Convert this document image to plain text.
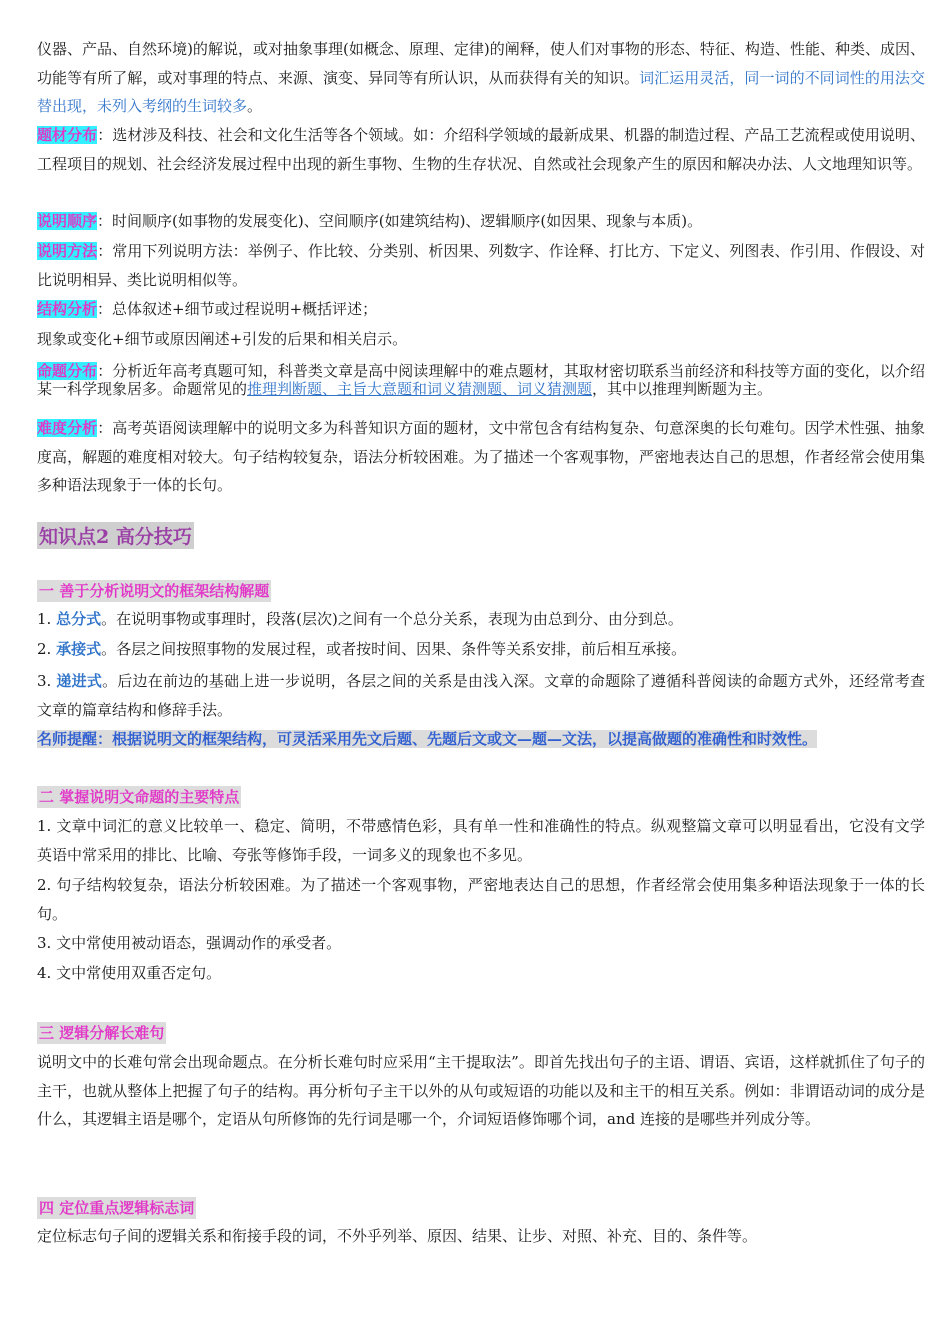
仪器、产品、自然环境)的解说，或对抽象事理(如概念、原理、定律)的阐释，使人们对事物的形态、特征、构造、性能、种类、成因、功能等有所了解，或对事理的特点、来源、演变、异同等有所认识，从而获得有关的知识。词汇运用灵活，同一词的不同词性的用法交替出现，未列入考纲的生词较多。

题材分布：选材涉及科技、社会和文化生活等各个领域。如：介绍科学领域的最新成果、机器的制造过程、产品工艺流程或使用说明、工程项目的规划、社会经济发展过程中出现的新生事物、生物的生存状况、自然或社会现象产生的原因和解决办法、人文地理知识等。

说明顺序：时间顺序(如事物的发展变化)、空间顺序(如建筑结构)、逻辑顺序(如因果、现象与本质)。

说明方法：常用下列说明方法：举例子、作比较、分类别、析因果、列数字、作诠释、打比方、下定义、列图表、作引用、作假设、对比说明相异、类比说明相似等。

结构分析：总体叙述+细节或过程说明+概括评述；

现象或变化+细节或原因阐述+引发的后果和相关启示。

命题分布：分析近年高考真题可知，科普类文章是高中阅读理解中的难点题材，其取材密切联系当前经济和科技等方面的变化，以介绍某一科学现象居多。命题常见的推理判断题、主旨大意题和词义猜测题、词义猜测题，其中以推理判断题为主。

难度分析：高考英语阅读理解中的说明文多为科普知识方面的题材，文中常包含有结构复杂、句意深奥的长句难句。因学术性强、抽象度高，解题的难度相对较大。句子结构较复杂，语法分析较困难。为了描述一个客观事物，严密地表达自己的思想，作者经常会使用集多种语法现象于一体的长句。

知识点2 高分技巧
一 善于分析说明文的框架结构解题

1. 总分式。在说明事物或事理时，段落(层次)之间有一个总分关系，表现为由总到分、由分到总。

2. 承接式。各层之间按照事物的发展过程，或者按时间、因果、条件等关系安排，前后相互承接。

3. 递进式。后边在前边的基础上进一步说明，各层之间的关系是由浅入深。文章的命题除了遵循科普阅读的命题方式外，还经常考查文章的篇章结构和修辞手法。

名师提醒：根据说明文的框架结构，可灵活采用先文后题、先题后文或文—题—文法，以提高做题的准确性和时效性。
二 掌握说明文命题的主要特点

1. 文章中词汇的意义比较单一、稳定、简明，不带感情色彩，具有单一性和准确性的特点。纵观整篇文章可以明显看出，它没有文学英语中常采用的排比、比喻、夸张等修饰手段，一词多义的现象也不多见。

2. 句子结构较复杂，语法分析较困难。为了描述一个客观事物，严密地表达自己的思想，作者经常会使用集多种语法现象于一体的长句。

3. 文中常使用被动语态，强调动作的承受者。

4. 文中常使用双重否定句。

三 逻辑分解长难句

说明文中的长难句常会出现命题点。在分析长难句时应采用“主干提取法”。即首先找出句子的主语、谓语、宾语，这样就抓住了句子的主干，也就从整体上把握了句子的结构。再分析句子主干以外的从句或短语的功能以及和主干的相互关系。例如：非谓语动词的成分是什么，其逻辑主语是哪个，定语从句所修饰的先行词是哪一个，介词短语修饰哪个词，and 连接的是哪些并列成分等。

四 定位重点逻辑标志词

定位标志句子间的逻辑关系和衔接手段的词，不外乎列举、原因、结果、让步、对照、补充、目的、条件等。
